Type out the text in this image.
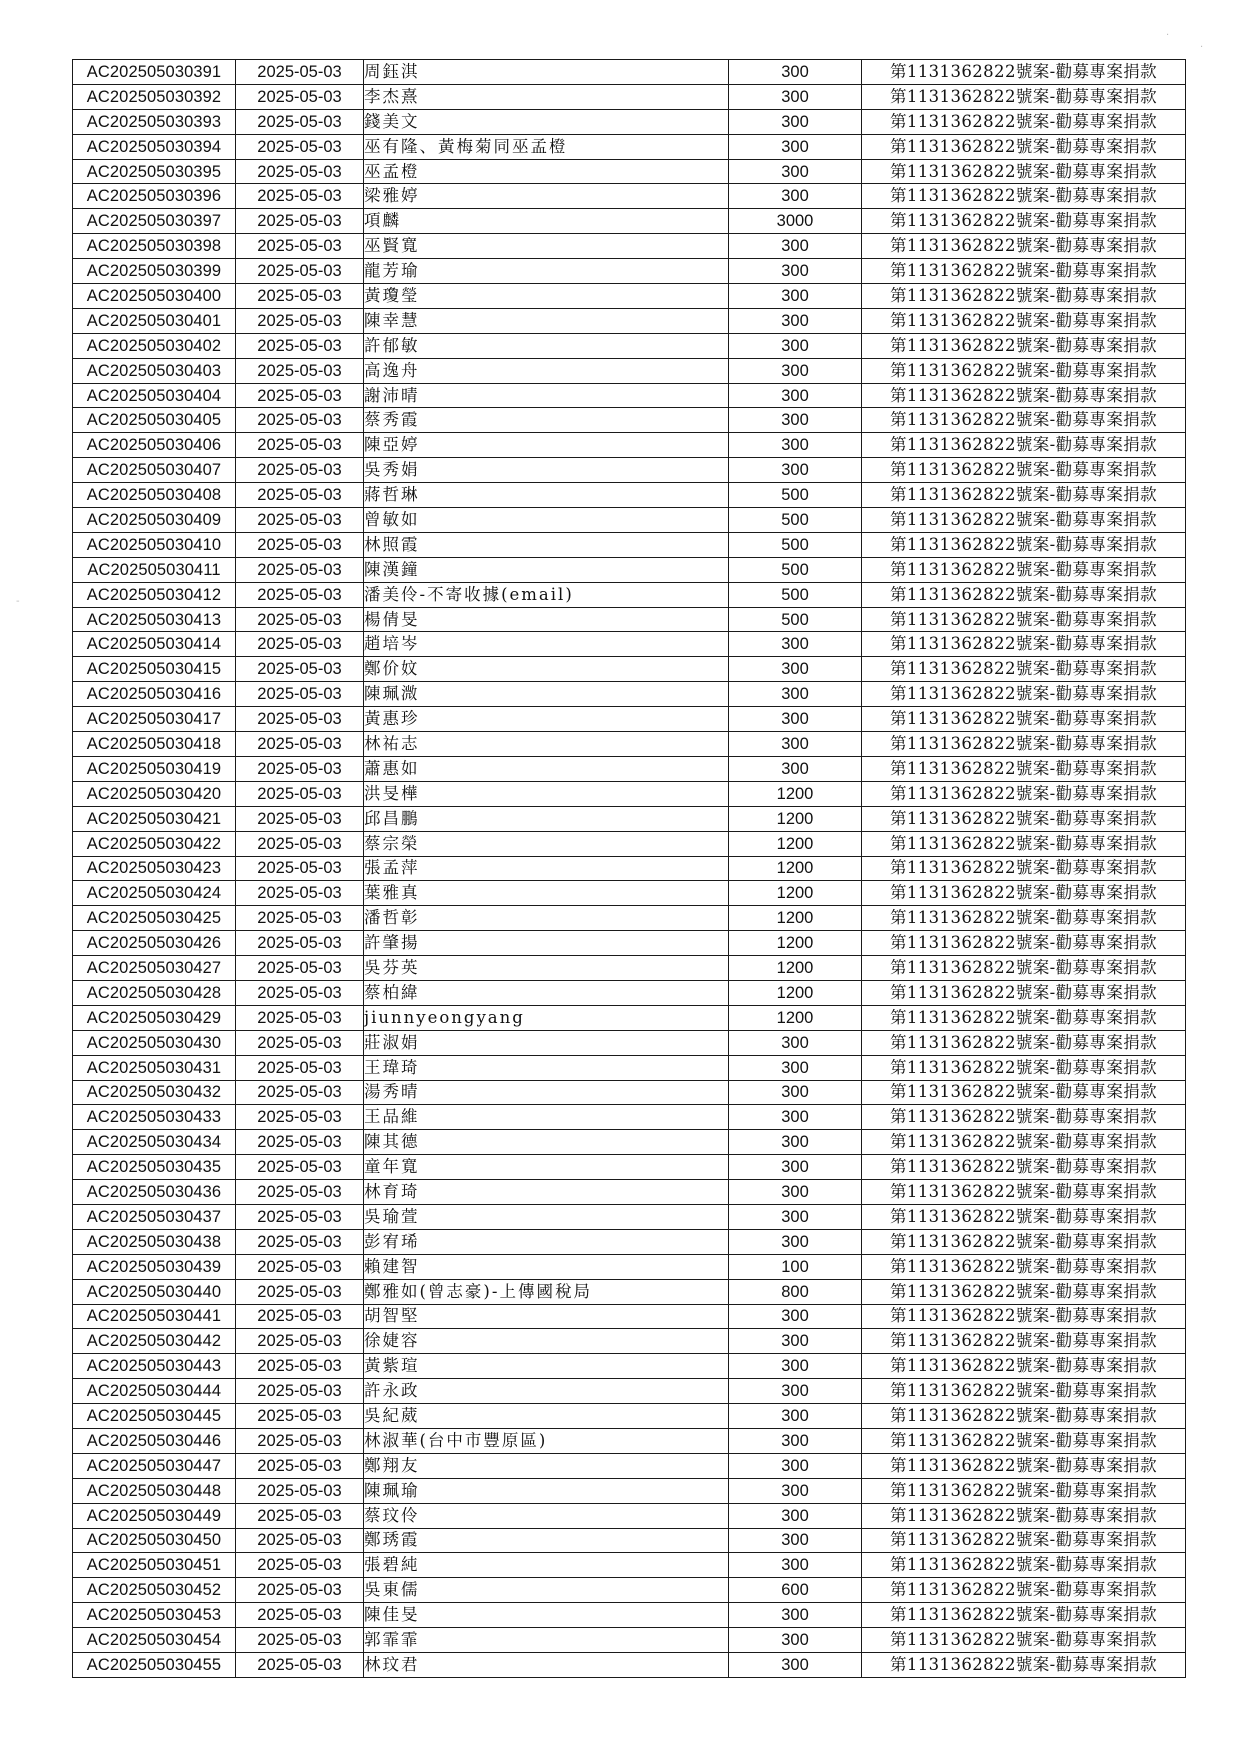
AC202505030391	2025-05-03	周鈺淇	300	第1131362822號案-勸募專案捐款
AC202505030392	2025-05-03	李杰熹	300	第1131362822號案-勸募專案捐款
AC202505030393	2025-05-03	錢美文	300	第1131362822號案-勸募專案捐款
AC202505030394	2025-05-03	巫有隆、黃梅菊同巫孟橙	300	第1131362822號案-勸募專案捐款
AC202505030395	2025-05-03	巫孟橙	300	第1131362822號案-勸募專案捐款
AC202505030396	2025-05-03	梁雅婷	300	第1131362822號案-勸募專案捐款
AC202505030397	2025-05-03	項麟	3000	第1131362822號案-勸募專案捐款
AC202505030398	2025-05-03	巫賢寬	300	第1131362822號案-勸募專案捐款
AC202505030399	2025-05-03	龍芳瑜	300	第1131362822號案-勸募專案捐款
AC202505030400	2025-05-03	黃瓊瑩	300	第1131362822號案-勸募專案捐款
AC202505030401	2025-05-03	陳幸慧	300	第1131362822號案-勸募專案捐款
AC202505030402	2025-05-03	許郁敏	300	第1131362822號案-勸募專案捐款
AC202505030403	2025-05-03	高逸舟	300	第1131362822號案-勸募專案捐款
AC202505030404	2025-05-03	謝沛晴	300	第1131362822號案-勸募專案捐款
AC202505030405	2025-05-03	蔡秀霞	300	第1131362822號案-勸募專案捐款
AC202505030406	2025-05-03	陳亞婷	300	第1131362822號案-勸募專案捐款
AC202505030407	2025-05-03	吳秀娟	300	第1131362822號案-勸募專案捐款
AC202505030408	2025-05-03	蔣哲琳	500	第1131362822號案-勸募專案捐款
AC202505030409	2025-05-03	曾敏如	500	第1131362822號案-勸募專案捐款
AC202505030410	2025-05-03	林照霞	500	第1131362822號案-勸募專案捐款
AC202505030411	2025-05-03	陳漢鐘	500	第1131362822號案-勸募專案捐款
AC202505030412	2025-05-03	潘美伶-不寄收據(email)	500	第1131362822號案-勸募專案捐款
AC202505030413	2025-05-03	楊倩旻	500	第1131362822號案-勸募專案捐款
AC202505030414	2025-05-03	趙培岑	300	第1131362822號案-勸募專案捐款
AC202505030415	2025-05-03	鄭价妏	300	第1131362822號案-勸募專案捐款
AC202505030416	2025-05-03	陳珮溦	300	第1131362822號案-勸募專案捐款
AC202505030417	2025-05-03	黃惠珍	300	第1131362822號案-勸募專案捐款
AC202505030418	2025-05-03	林祐志	300	第1131362822號案-勸募專案捐款
AC202505030419	2025-05-03	蕭惠如	300	第1131362822號案-勸募專案捐款
AC202505030420	2025-05-03	洪旻樺	1200	第1131362822號案-勸募專案捐款
AC202505030421	2025-05-03	邱昌鵬	1200	第1131362822號案-勸募專案捐款
AC202505030422	2025-05-03	蔡宗榮	1200	第1131362822號案-勸募專案捐款
AC202505030423	2025-05-03	張孟萍	1200	第1131362822號案-勸募專案捐款
AC202505030424	2025-05-03	葉雅真	1200	第1131362822號案-勸募專案捐款
AC202505030425	2025-05-03	潘哲彰	1200	第1131362822號案-勸募專案捐款
AC202505030426	2025-05-03	許肇揚	1200	第1131362822號案-勸募專案捐款
AC202505030427	2025-05-03	吳芬英	1200	第1131362822號案-勸募專案捐款
AC202505030428	2025-05-03	蔡柏緯	1200	第1131362822號案-勸募專案捐款
AC202505030429	2025-05-03	jiunnyeongyang	1200	第1131362822號案-勸募專案捐款
AC202505030430	2025-05-03	莊淑娟	300	第1131362822號案-勸募專案捐款
AC202505030431	2025-05-03	王瑋琦	300	第1131362822號案-勸募專案捐款
AC202505030432	2025-05-03	湯秀晴	300	第1131362822號案-勸募專案捐款
AC202505030433	2025-05-03	王品維	300	第1131362822號案-勸募專案捐款
AC202505030434	2025-05-03	陳其德	300	第1131362822號案-勸募專案捐款
AC202505030435	2025-05-03	童年寬	300	第1131362822號案-勸募專案捐款
AC202505030436	2025-05-03	林育琦	300	第1131362822號案-勸募專案捐款
AC202505030437	2025-05-03	吳瑜萱	300	第1131362822號案-勸募專案捐款
AC202505030438	2025-05-03	彭宥琋	300	第1131362822號案-勸募專案捐款
AC202505030439	2025-05-03	賴建智	100	第1131362822號案-勸募專案捐款
AC202505030440	2025-05-03	鄭雅如(曾志豪)-上傳國稅局	800	第1131362822號案-勸募專案捐款
AC202505030441	2025-05-03	胡智堅	300	第1131362822號案-勸募專案捐款
AC202505030442	2025-05-03	徐婕容	300	第1131362822號案-勸募專案捐款
AC202505030443	2025-05-03	黃紫瑄	300	第1131362822號案-勸募專案捐款
AC202505030444	2025-05-03	許永政	300	第1131362822號案-勸募專案捐款
AC202505030445	2025-05-03	吳紀葳	300	第1131362822號案-勸募專案捐款
AC202505030446	2025-05-03	林淑華(台中市豐原區)	300	第1131362822號案-勸募專案捐款
AC202505030447	2025-05-03	鄭翔友	300	第1131362822號案-勸募專案捐款
AC202505030448	2025-05-03	陳珮瑜	300	第1131362822號案-勸募專案捐款
AC202505030449	2025-05-03	蔡玟伶	300	第1131362822號案-勸募專案捐款
AC202505030450	2025-05-03	鄭琇霞	300	第1131362822號案-勸募專案捐款
AC202505030451	2025-05-03	張碧純	300	第1131362822號案-勸募專案捐款
AC202505030452	2025-05-03	吳東儒	600	第1131362822號案-勸募專案捐款
AC202505030453	2025-05-03	陳佳旻	300	第1131362822號案-勸募專案捐款
AC202505030454	2025-05-03	郭霏霏	300	第1131362822號案-勸募專案捐款
AC202505030455	2025-05-03	林玟君	300	第1131362822號案-勸募專案捐款
·
·
-
